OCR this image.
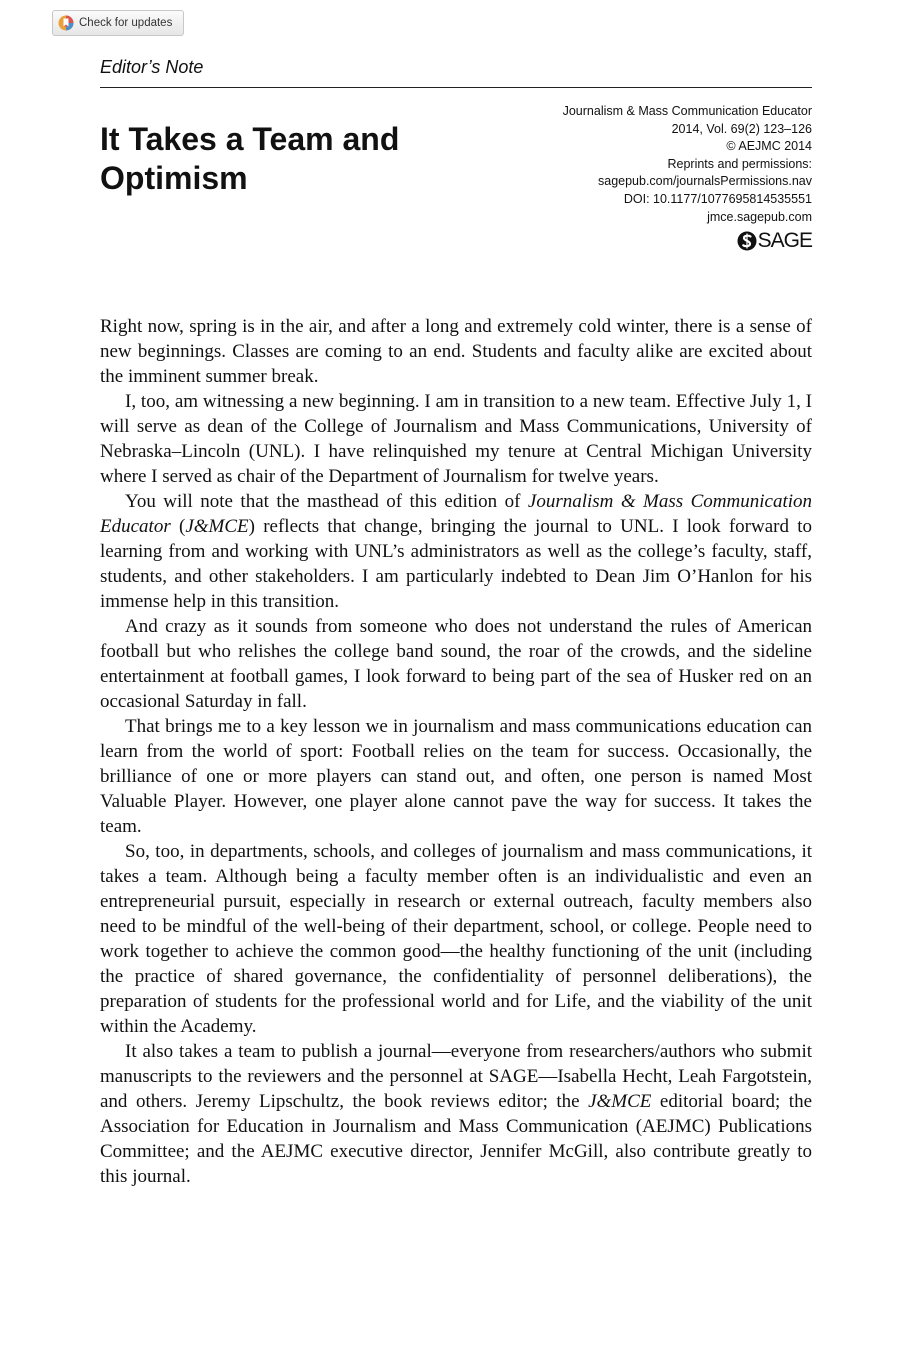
Check for updates
Editor’s Note
It Takes a Team and Optimism
Journalism & Mass Communication Educator
2014, Vol. 69(2) 123–126
© AEJMC 2014
Reprints and permissions:
sagepub.com/journalsPermissions.nav
DOI: 10.1177/1077695814535551
jmce.sagepub.com
SAGE

Right now, spring is in the air, and after a long and extremely cold winter, there is a sense of new beginnings. Classes are coming to an end. Students and faculty alike are excited about the imminent summer break.

I, too, am witnessing a new beginning. I am in transition to a new team. Effective July 1, I will serve as dean of the College of Journalism and Mass Communications, University of Nebraska–Lincoln (UNL). I have relinquished my tenure at Central Michigan University where I served as chair of the Department of Journalism for twelve years.

You will note that the masthead of this edition of Journalism & Mass Communication Educator (J&MCE) reflects that change, bringing the journal to UNL. I look forward to learning from and working with UNL’s administrators as well as the college’s faculty, staff, students, and other stakeholders. I am particularly indebted to Dean Jim O’Hanlon for his immense help in this transition.

And crazy as it sounds from someone who does not understand the rules of American football but who relishes the college band sound, the roar of the crowds, and the sideline entertainment at football games, I look forward to being part of the sea of Husker red on an occasional Saturday in fall.

That brings me to a key lesson we in journalism and mass communications education can learn from the world of sport: Football relies on the team for success. Occasionally, the brilliance of one or more players can stand out, and often, one person is named Most Valuable Player. However, one player alone cannot pave the way for success. It takes the team.

So, too, in departments, schools, and colleges of journalism and mass communications, it takes a team. Although being a faculty member often is an individualistic and even an entrepreneurial pursuit, especially in research or external outreach, faculty members also need to be mindful of the well-being of their department, school, or college. People need to work together to achieve the common good—the healthy functioning of the unit (including the practice of shared governance, the confidentiality of personnel deliberations), the preparation of students for the professional world and for Life, and the viability of the unit within the Academy.

It also takes a team to publish a journal—everyone from researchers/authors who submit manuscripts to the reviewers and the personnel at SAGE—Isabella Hecht, Leah Fargotstein, and others. Jeremy Lipschultz, the book reviews editor; the J&MCE editorial board; the Association for Education in Journalism and Mass Communication (AEJMC) Publications Committee; and the AEJMC executive director, Jennifer McGill, also contribute greatly to this journal.
